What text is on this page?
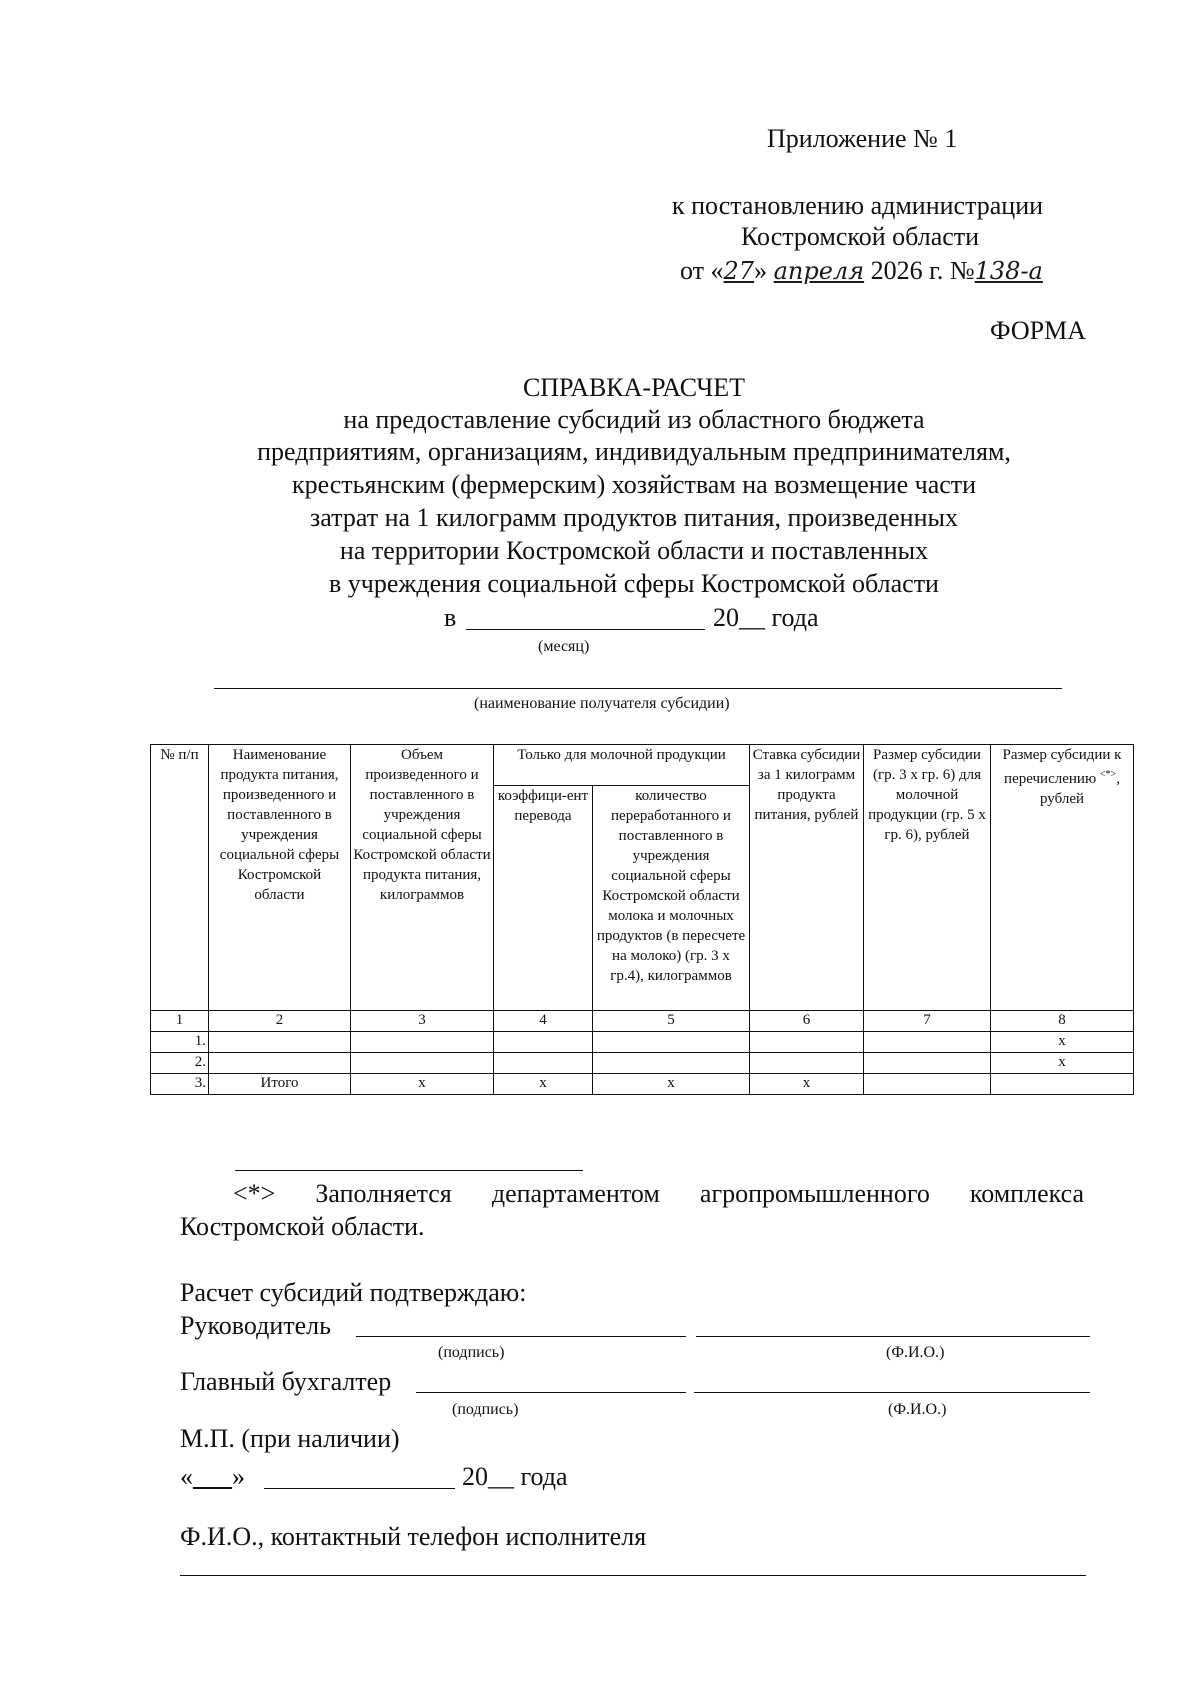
Приложение № 1
к постановлению администрации
Костромской области
от «27» апреля 2026 г. №138-а
ФОРМА
СПРАВКА-РАСЧЕТ
на предоставление субсидий из областного бюджета
предприятиям, организациям, индивидуальным предпринимателям,
крестьянским (фермерским) хозяйствам на возмещение части
затрат на 1 килограмм продуктов питания, произведенных
на территории Костромской области и поставленных
в учреждения социальной сферы Костромской области
в	20__ года
(месяц)
(наименование получателя субсидии)
№ п/п	Наименование продукта питания, произведенного и поставленного в учреждения социальной сферы Костромской области	Объем произведенного и поставленного в учреждения социальной сферы Костромской области продукта питания, килограммов	Только для молочной продукции		Ставка субсидии за 1 килограмм продукта питания, рублей	Размер субсидии (гр. 3 х гр. 6) для молочной продукции (гр. 5 х гр. 6), рублей	Размер субсидии к перечислению <*>, рублей
			коэффици-ент перевода	количество переработанного и поставленного в учреждения социальной сферы Костромской области молока и молочных продуктов (в пересчете на молоко) (гр. 3 х гр.4), килограммов			
1	2	3	4	5	6	7	8
1.							x
2.							x
3.	Итого	x	x	x	x		
<*> Заполняется департаментом агропромышленного комплекса
Костромской области.
Расчет субсидий подтверждаю:
Руководитель
(подпись)	(Ф.И.О.)
Главный бухгалтер
(подпись)	(Ф.И.О.)
М.П. (при наличии)
«___»	20__ года
Ф.И.О., контактный телефон исполнителя
